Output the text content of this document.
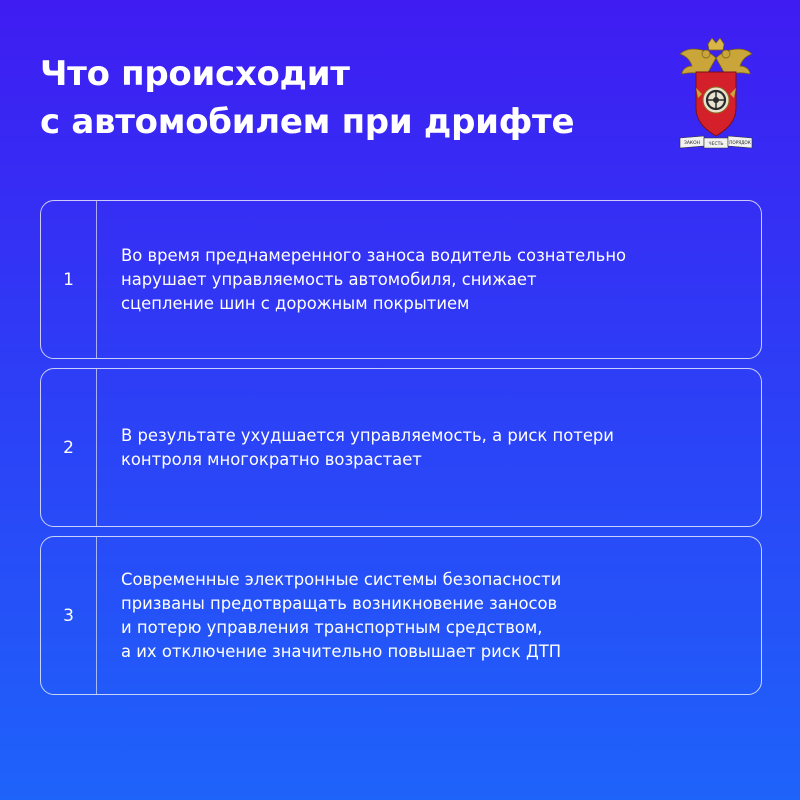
Что происходит
с автомобилем при дрифте
ЗАКОН ЧЕСТЬ ПОРЯДОК
1
Во время преднамеренного заноса водитель сознательно
нарушает управляемость автомобиля, снижает
сцепление шин с дорожным покрытием
2
В результате ухудшается управляемость, а риск потери
контроля многократно возрастает
3
Современные электронные системы безопасности
призваны предотвращать возникновение заносов
и потерю управления транспортным средством,
а их отключение значительно повышает риск ДТП
